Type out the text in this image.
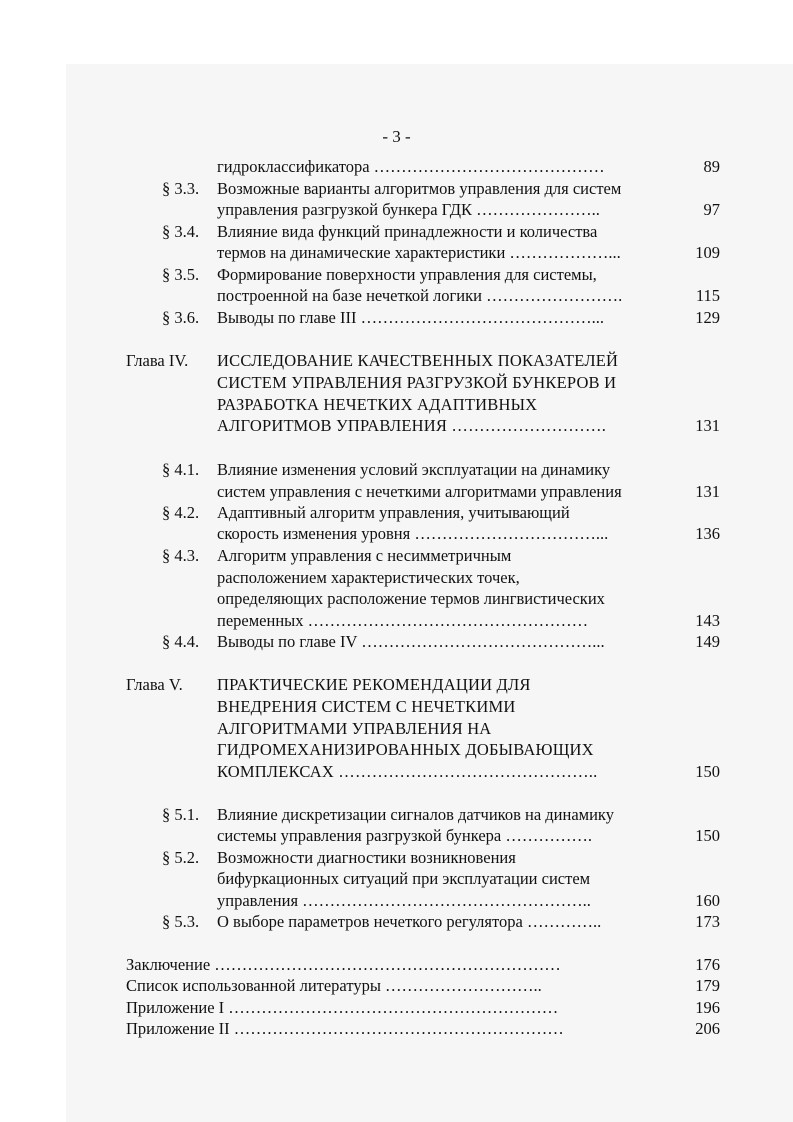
- 3 -
гидроклассификатора ……………………………………	89
§ 3.3. Возможные варианты алгоритмов управления для систем
управления разгрузкой бункера ГДК …………………..	97
§ 3.4. Влияние вида функций принадлежности и количества
термов на динамические характеристики ………………...	109
§ 3.5. Формирование поверхности управления для системы,
построенной на базе нечеткой логики …………………….	115
§ 3.6. Выводы по главе III ……………………………………...	129
Глава IV. ИССЛЕДОВАНИЕ КАЧЕСТВЕННЫХ ПОКАЗАТЕЛЕЙ
СИСТЕМ УПРАВЛЕНИЯ РАЗГРУЗКОЙ БУНКЕРОВ И
РАЗРАБОТКА НЕЧЕТКИХ АДАПТИВНЫХ
АЛГОРИТМОВ УПРАВЛЕНИЯ ……………………….	131
§ 4.1. Влияние изменения условий эксплуатации на динамику
систем управления с нечеткими алгоритмами управления	131
§ 4.2. Адаптивный алгоритм управления, учитывающий
скорость изменения уровня ……………………………...	136
§ 4.3. Алгоритм управления с несимметричным
расположением характеристических точек,
определяющих расположение термов лингвистических
переменных ……………………………………………	143
§ 4.4. Выводы по главе IV ……………………………………...	149
Глава V. ПРАКТИЧЕСКИЕ РЕКОМЕНДАЦИИ ДЛЯ
ВНЕДРЕНИЯ СИСТЕМ С НЕЧЕТКИМИ
АЛГОРИТМАМИ УПРАВЛЕНИЯ НА
ГИДРОМЕХАНИЗИРОВАННЫХ ДОБЫВАЮЩИХ
КОМПЛЕКСАХ ………………………………………..	150
§ 5.1. Влияние дискретизации сигналов датчиков на динамику
системы управления разгрузкой бункера …………….	150
§ 5.2. Возможности диагностики возникновения
бифуркационных ситуаций при эксплуатации систем
управления ……………………………………………..	160
§ 5.3. О выборе параметров нечеткого регулятора …………..	173
Заключение ………………………………………………………	176
Список использованной литературы ………………………..	179
Приложение I ……………………………………………………	196
Приложение II ……………………………………………………	206
